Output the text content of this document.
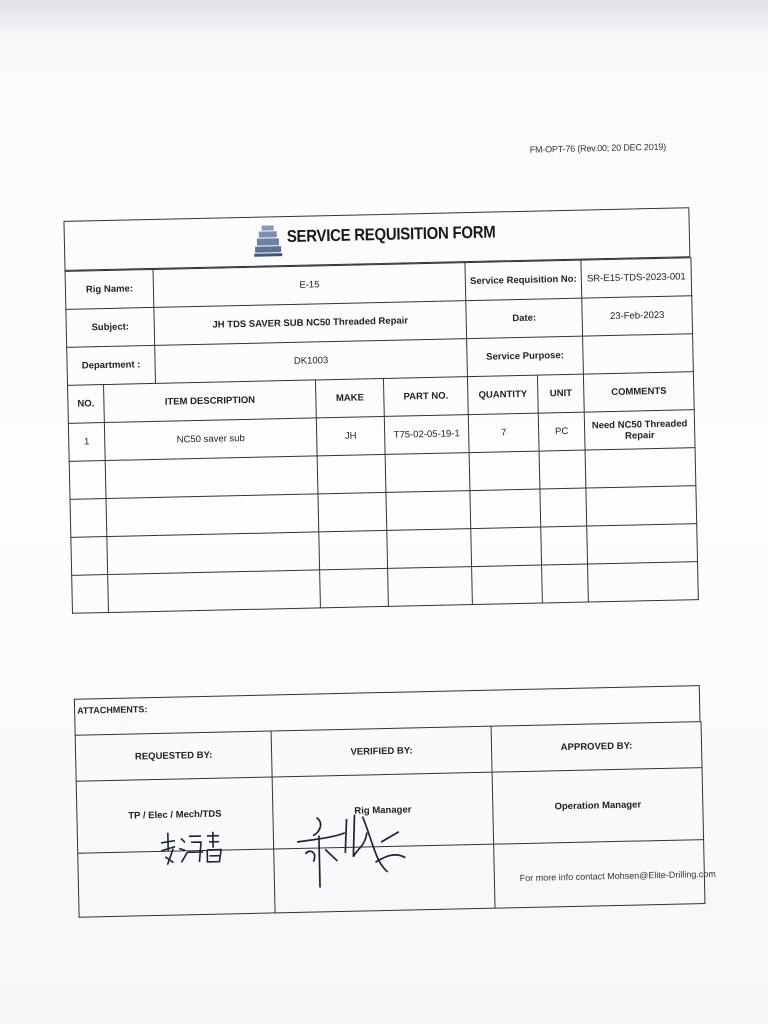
FM-OPT-76 (Rev.00; 20 DEC 2019)
SERVICE REQUISITION FORM
Rig Name:		E-15			Service Requisition No:		SR-E15-TDS-2023-001
Subject:		JH TDS SAVER SUB NC50 Threaded Repair			Date:		23-Feb-2023
Department :		DK1003			Service Purpose:		
NO.	ITEM DESCRIPTION		MAKE	PART NO.	QUANTITY	UNIT	COMMENTS
1	NC50 saver sub		JH	T75-02-05-19-1	7	PC	Need NC50 Threaded Repair

ATTACHMENTS:
REQUESTED BY:	VERIFIED BY:	APPROVED BY:
TP / Elec / Mech/TDS	Rig Manager	Operation Manager

For more info contact Mohsen@Elite-Drilling.com
